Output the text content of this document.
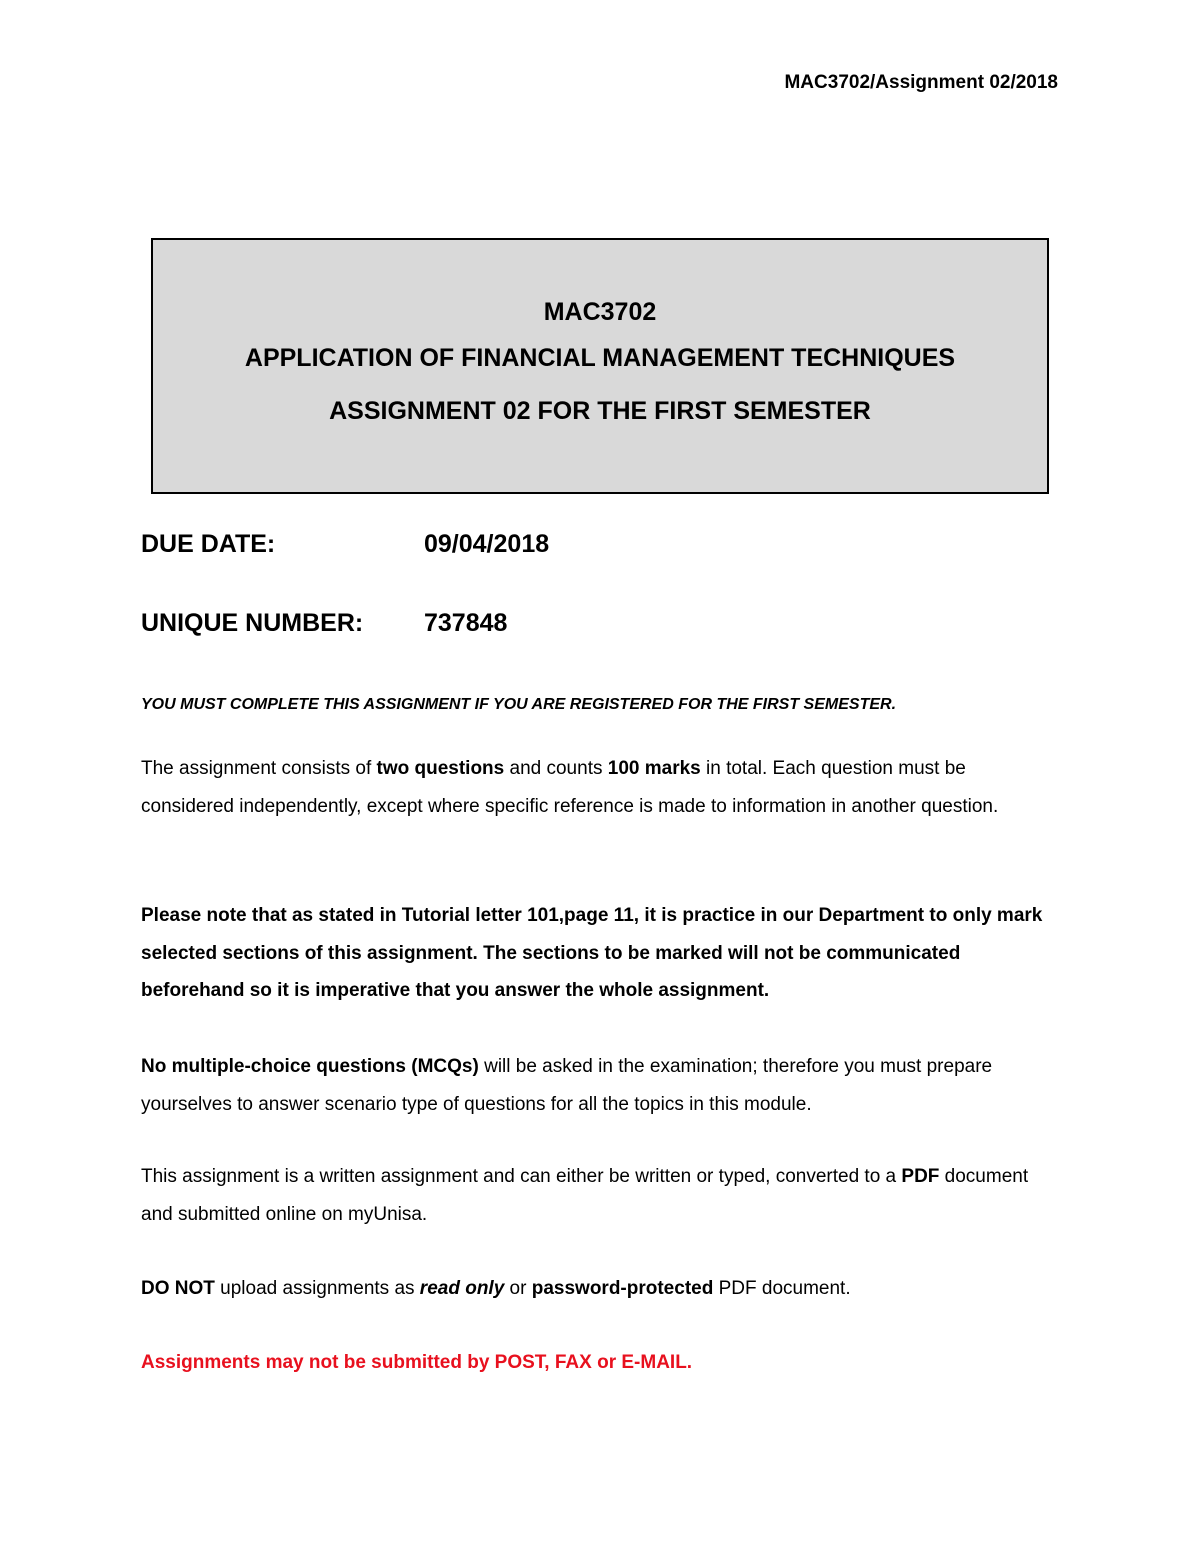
MAC3702/Assignment 02/2018
MAC3702
APPLICATION OF FINANCIAL MANAGEMENT TECHNIQUES
ASSIGNMENT 02 FOR THE FIRST SEMESTER
DUE DATE:	09/04/2018
UNIQUE NUMBER: 737848
YOU MUST COMPLETE THIS ASSIGNMENT IF YOU ARE REGISTERED FOR THE FIRST SEMESTER.
The assignment consists of two questions and counts 100 marks in total. Each question must be considered independently, except where specific reference is made to information in another question.
Please note that as stated in Tutorial letter 101,page 11, it is practice in our Department to only mark selected sections of this assignment. The sections to be marked will not be communicated beforehand so it is imperative that you answer the whole assignment.
No multiple-choice questions (MCQs) will be asked in the examination; therefore you must prepare yourselves to answer scenario type of questions for all the topics in this module.
This assignment is a written assignment and can either be written or typed, converted to a PDF document and submitted online on myUnisa.
DO NOT upload assignments as read only or password-protected PDF document.
Assignments may not be submitted by POST, FAX or E-MAIL.
